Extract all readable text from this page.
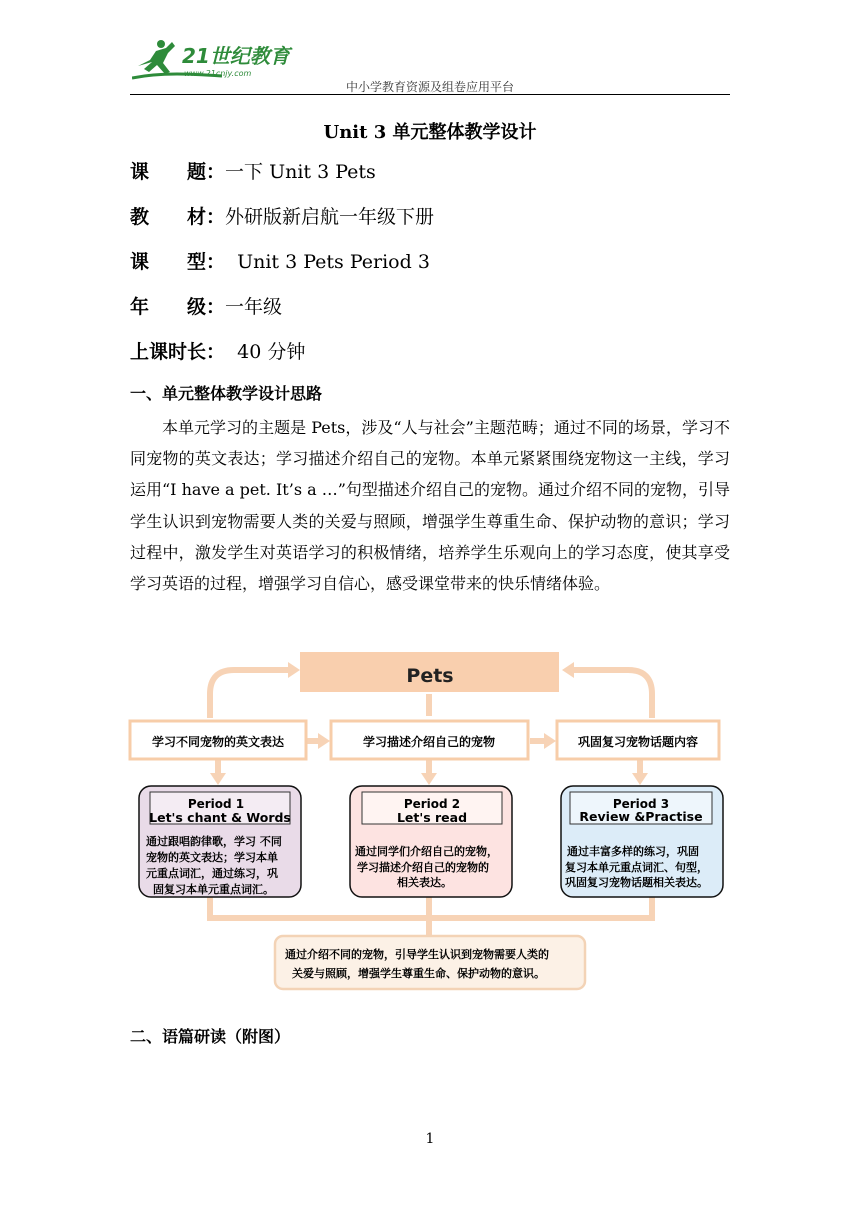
21世纪教育
www.21cnjy.com
中小学教育资源及组卷应用平台
Unit 3 单元整体教学设计
课　　题：一下 Unit 3 Pets
教　　材：外研版新启航一年级下册
课　　型：  Unit 3 Pets Period 3
年　　级：一年级
上课时长：  40 分钟
一、单元整体教学设计思路
本单元学习的主题是 Pets，涉及“人与社会”主题范畴；通过不同的场景，学习不同宠物的英文表达；学习描述介绍自己的宠物。本单元紧紧围绕宠物这一主线，学习运用“I have a pet. It’s a …”句型描述介绍自己的宠物。通过介绍不同的宠物，引导学生认识到宠物需要人类的关爱与照顾，增强学生尊重生命、保护动物的意识；学习过程中，激发学生对英语学习的积极情绪，培养学生乐观向上的学习态度，使其享受学习英语的过程，增强学习自信心，感受课堂带来的快乐情绪体验。
Pets
学习不同宠物的英文表达	学习描述介绍自己的宠物	巩固复习宠物话题内容
Period 1
Let's chant & Words
通过跟唱韵律歌，学习 不同
宠物的英文表达；学习本单
元重点词汇，通过练习，巩
固复习本单元重点词汇。
Period 2
Let's read
通过同学们介绍自己的宠物，
学习描述介绍自己的宠物的
相关表达。
Period 3
Review &Practise
通过丰富多样的练习，巩固
复习本单元重点词汇、句型，
巩固复习宠物话题相关表达。
通过介绍不同的宠物，引导学生认识到宠物需要人类的
关爱与照顾，增强学生尊重生命、保护动物的意识。
二、语篇研读（附图）
1
